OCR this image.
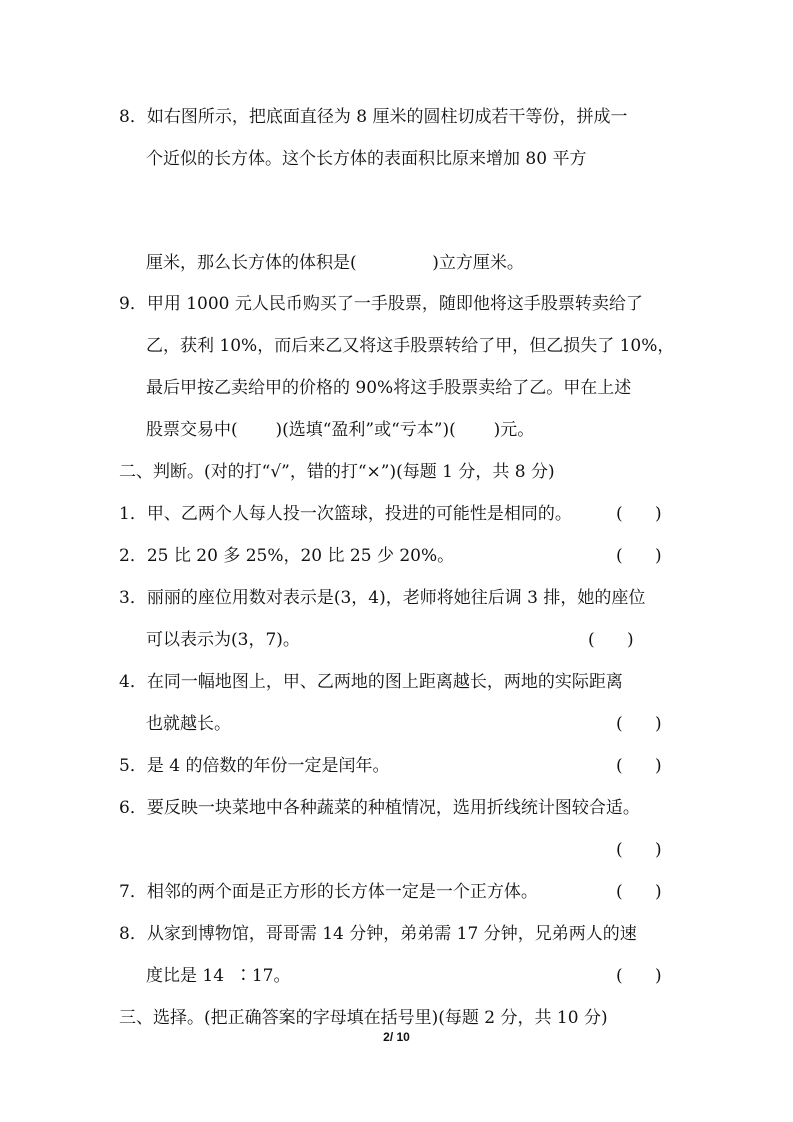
8．如右图所示，把底面直径为 8 厘米的圆柱切成若干等份，拼成一
个近似的长方体。这个长方体的表面积比原来增加 80 平方
厘米，那么长方体的体积是(              )立方厘米。
9．甲用 1000 元人民币购买了一手股票，随即他将这手股票转卖给了
乙，获利 10%，而后来乙又将这手股票转给了甲，但乙损失了 10%，
最后甲按乙卖给甲的价格的 90%将这手股票卖给了乙。甲在上述
股票交易中(       )(选填“盈利”或“亏本”)(       )元。
二、判断。(对的打“√”，错的打“×”)(每题 1 分，共 8 分)
1．甲、乙两个人每人投一次篮球，投进的可能性是相同的。	(      )
2．25 比 20 多 25%，20 比 25 少 20%。	(      )
3．丽丽的座位用数对表示是(3，4)，老师将她往后调 3 排，她的座位
可以表示为(3，7)。	(      )
4．在同一幅地图上，甲、乙两地的图上距离越长，两地的实际距离
也就越长。	(      )
5．是 4 的倍数的年份一定是闰年。	(      )
6．要反映一块菜地中各种蔬菜的种植情况，选用折线统计图较合适。
(      )
7．相邻的两个面是正方形的长方体一定是一个正方体。	(      )
8．从家到博物馆，哥哥需 14 分钟，弟弟需 17 分钟，兄弟两人的速
度比是 14  ∶17。	(      )
三、选择。(把正确答案的字母填在括号里)(每题 2 分，共 10 分)
2/ 10
